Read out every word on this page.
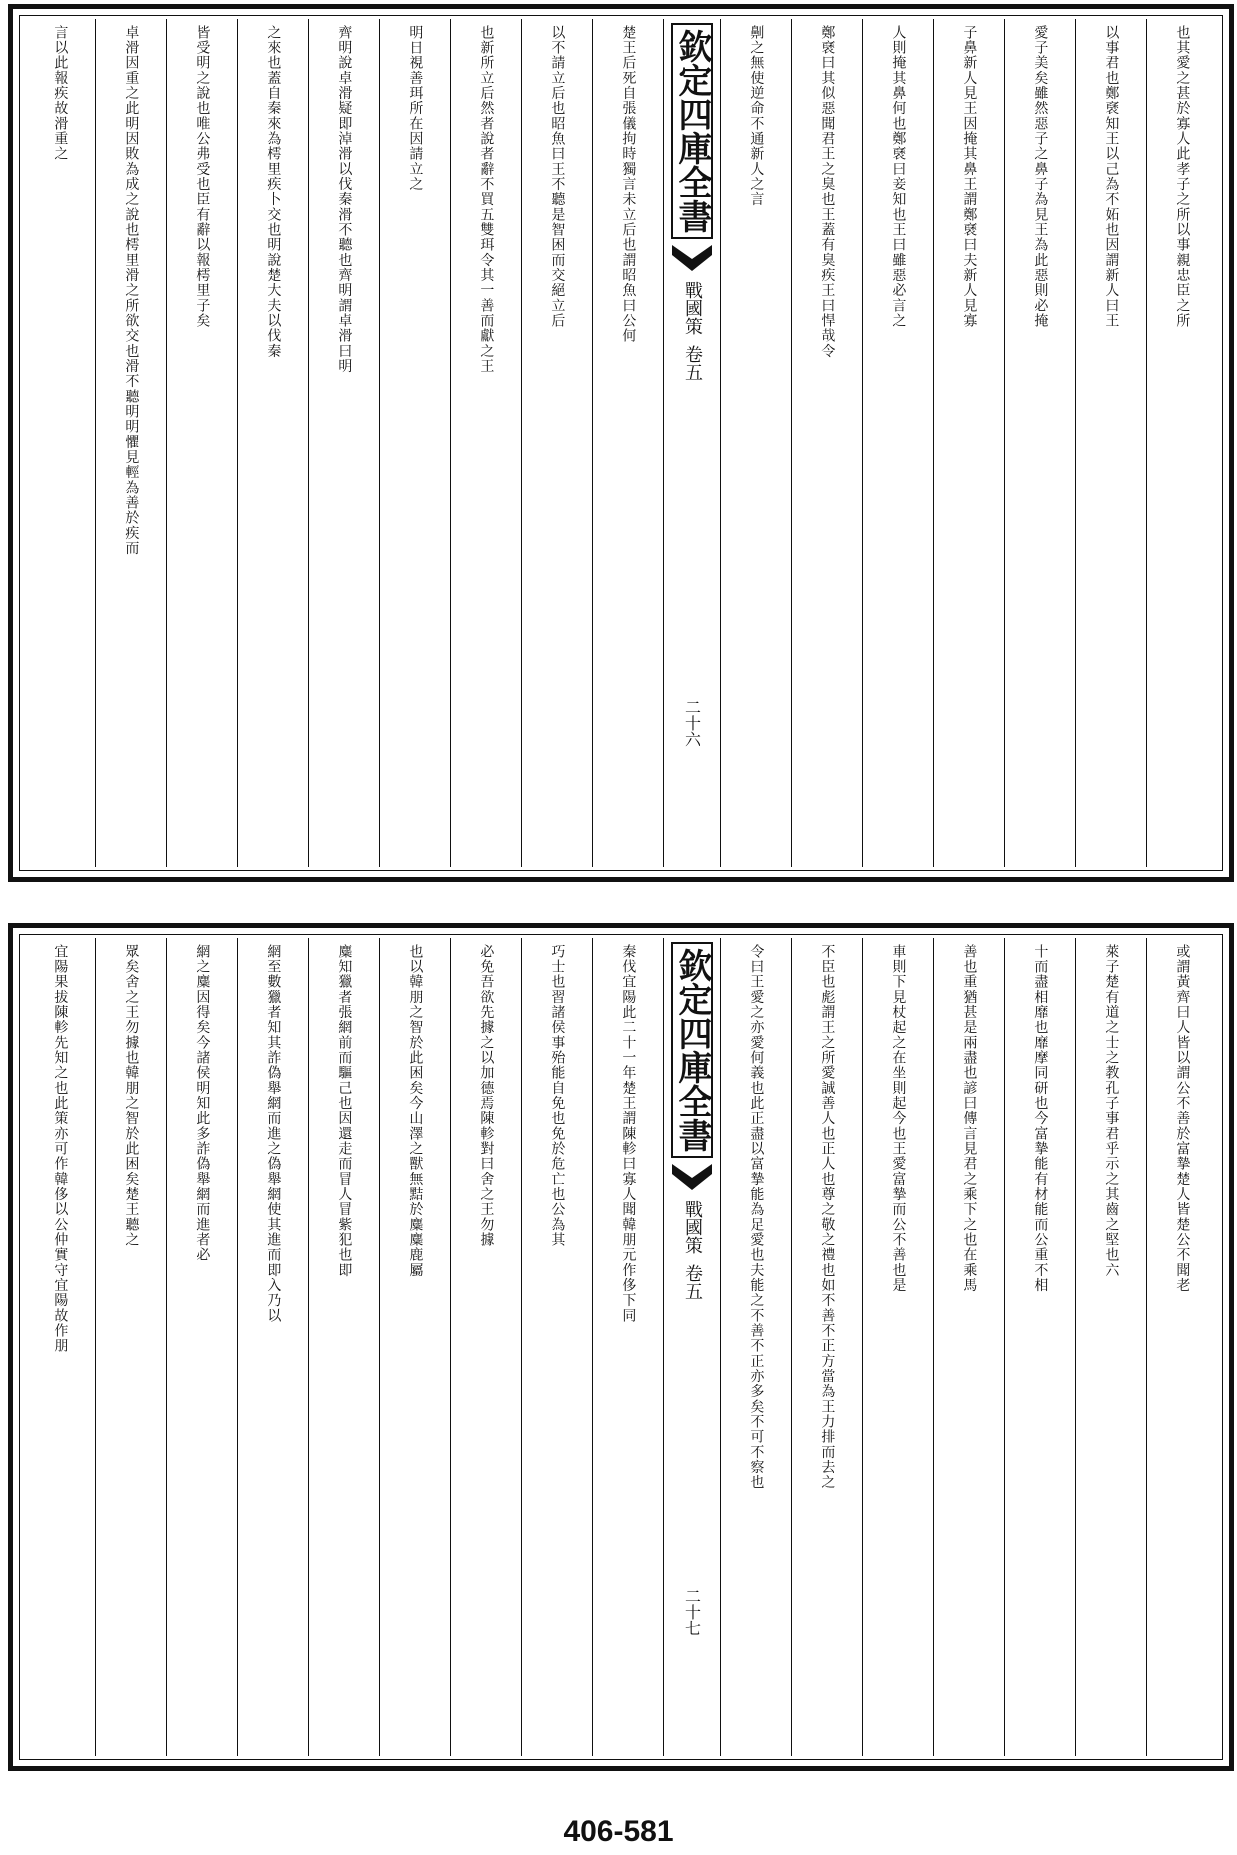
也其愛之甚於寡人此孝子之所以事親忠臣之所
以事君也鄭褎知王以己為不妬也因謂新人曰王
愛子美矣雖然惡子之鼻子為見王為此惡則必掩
子鼻新人見王因掩其鼻王謂鄭褎曰夫新人見寡
人則掩其鼻何也鄭褎曰妾知也王曰雖惡必言之
鄭褎曰其似惡聞君王之臭也王蓋有臭疾王曰悍哉令
劓之無使逆命不通新人之言
欽定四庫全書
戰國策
卷五
二十六
楚王后死自張儀拘時獨言未立后也謂昭魚曰公何
以不請立后也昭魚曰王不聽是智困而交絕立后
也新所立后然者說者辭不買五雙珥令其一善而獻之王
明日視善珥所在因請立之
齊明說卓滑疑即淖滑以伐秦滑不聽也齊明謂卓滑曰明
之來也蓋自秦來為樗里疾卜交也明說楚大夫以伐秦
皆受明之說也唯公弗受也臣有辭以報樗里子矣
卓滑因重之此明因敗為成之說也樗里滑之所欲交也滑不聽明明懼見輕為善於疾而
言以此報疾故滑重之
或謂黃齊曰人皆以謂公不善於富摯楚人皆楚公不聞老
萊子楚有道之士之教孔子事君乎示之其齒之堅也六
十而盡相靡也靡摩同研也今富摯能有材能而公重不相
善也重猶甚是兩盡也諺曰傳言見君之乘下之也在乘馬
車則下見杖起之在坐則起今也王愛富摯而公不善也是
不臣也彪謂王之所愛誠善人也正人也尊之敬之禮也如不善不正方當為王力排而去之
令曰王愛之亦愛何義也此正盡以富摯能為足愛也夫能之不善不正亦多矣不可不察也
欽定四庫全書
戰國策
卷五
二十七
秦伐宜陽此二十一年楚王謂陳軫曰寡人聞韓朋元作侈下同
巧士也習諸侯事殆能自免也免於危亡也公為其
必免吾欲先據之以加德焉陳軫對曰舍之王勿據
也以韓朋之智於此困矣今山澤之獸無黠於麋麋鹿屬
麋知獵者張網前而驅己也因還走而冒人冒紫犯也即
網至數獵者知其詐偽舉網而進之偽舉網使其進而即入乃以
網之麋因得矣今諸侯明知此多詐偽舉網而進者必
眾矣舍之王勿據也韓朋之智於此困矣楚王聽之
宜陽果拔陳軫先知之也此策亦可作韓侈以公仲實守宜陽故作朋
406-581
